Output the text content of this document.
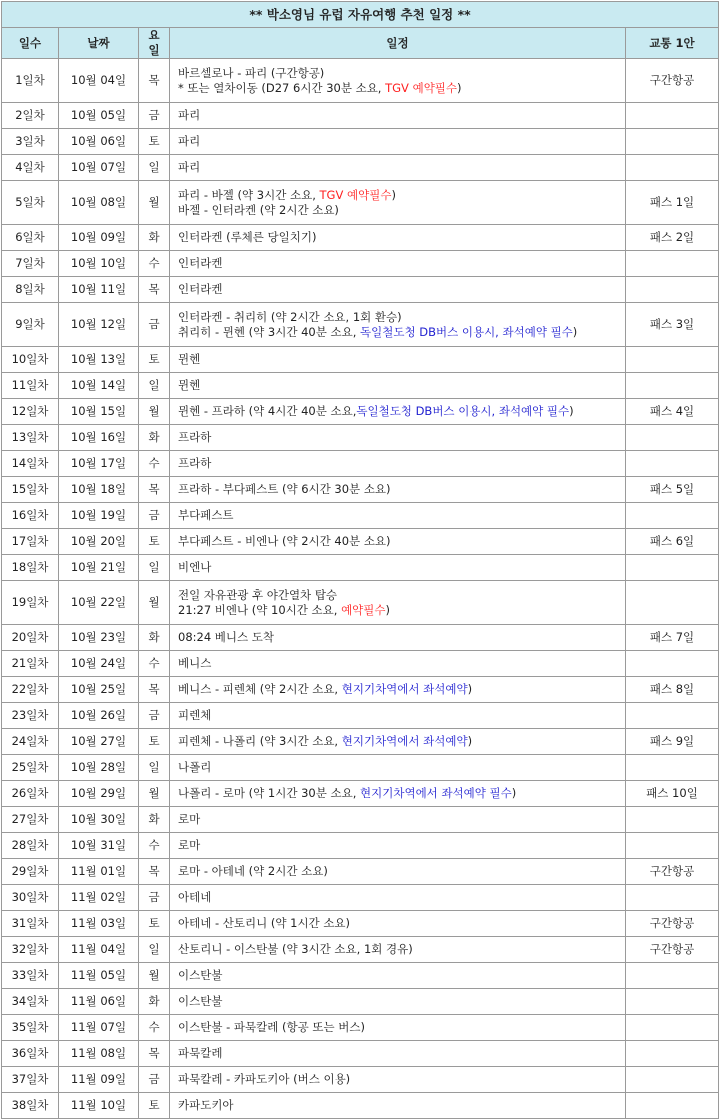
** 박소영님 유럽 자유여행 추천 일정 **				
일수	날짜	요일	일정	교통 1안
1일차	10월 04일	목	바르셀로나 - 파리 (구간항공)
* 또는 열차이동 (D27 6시간 30분 소요, TGV 예약필수)	구간항공
2일차	10월 05일	금	파리	

3일차	10월 06일	토	파리	

4일차	10월 07일	일	파리	

5일차	10월 08일	월	파리 - 바젤 (약 3시간 소요, TGV 예약필수)
바젤 - 인터라켄 (약 2시간 소요)	패스 1일
6일차	10월 09일	화	인터라켄 (루체른 당일치기)	패스 2일
7일차	10월 10일	수	인터라켄	

8일차	10월 11일	목	인터라켄	

9일차	10월 12일	금	인터라켄 - 취리히 (약 2시간 소요, 1회 환승)
취리히 - 뮌헨 (약 3시간 40분 소요, 독일철도청 DB버스 이용시, 좌석예약 필수)	패스 3일
10일차	10월 13일	토	뮌헨	

11일차	10월 14일	일	뮌헨	

12일차	10월 15일	월	뮌헨 - 프라하 (약 4시간 40분 소요,독일철도청 DB버스 이용시, 좌석예약 필수)	패스 4일
13일차	10월 16일	화	프라하	

14일차	10월 17일	수	프라하	

15일차	10월 18일	목	프라하 - 부다페스트 (약 6시간 30분 소요)	패스 5일
16일차	10월 19일	금	부다페스트	

17일차	10월 20일	토	부다페스트 - 비엔나 (약 2시간 40분 소요)	패스 6일
18일차	10월 21일	일	비엔나	

19일차	10월 22일	월	전일 자유관광 후 야간열차 탑승
21:27 비엔나 (약 10시간 소요, 예약필수)	

20일차	10월 23일	화	08:24 베니스 도착	패스 7일
21일차	10월 24일	수	베니스	

22일차	10월 25일	목	베니스 - 피렌체 (약 2시간 소요, 현지기차역에서 좌석예약)	패스 8일
23일차	10월 26일	금	피렌체	

24일차	10월 27일	토	피렌체 - 나폴리 (약 3시간 소요, 현지기차역에서 좌석예약)	패스 9일
25일차	10월 28일	일	나폴리	

26일차	10월 29일	월	나폴리 - 로마 (약 1시간 30분 소요, 현지기차역에서 좌석예약 필수)	패스 10일
27일차	10월 30일	화	로마	

28일차	10월 31일	수	로마	

29일차	11월 01일	목	로마 - 아테네 (약 2시간 소요)	구간항공
30일차	11월 02일	금	아테네	

31일차	11월 03일	토	아테네 - 산토리니 (약 1시간 소요)	구간항공
32일차	11월 04일	일	산토리니 - 이스탄불 (약 3시간 소요, 1회 경유)	구간항공
33일차	11월 05일	월	이스탄불	

34일차	11월 06일	화	이스탄불	

35일차	11월 07일	수	이스탄불 - 파묵칼레 (항공 또는 버스)	

36일차	11월 08일	목	파묵칼레	

37일차	11월 09일	금	파묵칼레 - 카파도키아 (버스 이용)	

38일차	11월 10일	토	카파도키아	
